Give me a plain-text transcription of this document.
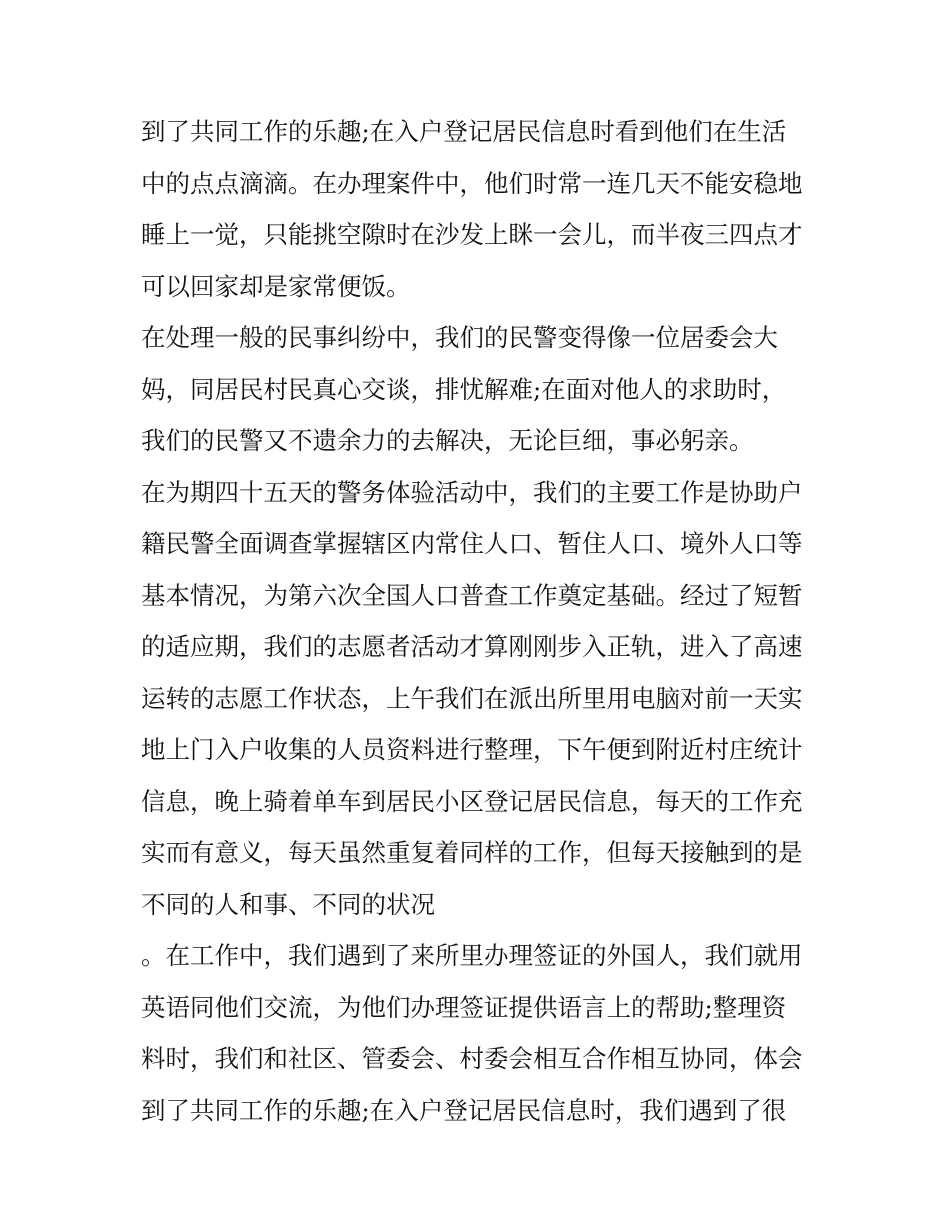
到了共同工作的乐趣;在入户登记居民信息时看到他们在生活
中的点点滴滴。在办理案件中，他们时常一连几天不能安稳地
睡上一觉，只能挑空隙时在沙发上眯一会儿，而半夜三四点才
可以回家却是家常便饭。
在处理一般的民事纠纷中，我们的民警变得像一位居委会大
妈，同居民村民真心交谈，排忧解难;在面对他人的求助时，
我们的民警又不遗余力的去解决，无论巨细，事必躬亲。
在为期四十五天的警务体验活动中，我们的主要工作是协助户
籍民警全面调查掌握辖区内常住人口、暂住人口、境外人口等
基本情况，为第六次全国人口普查工作奠定基础。经过了短暂
的适应期，我们的志愿者活动才算刚刚步入正轨，进入了高速
运转的志愿工作状态，上午我们在派出所里用电脑对前一天实
地上门入户收集的人员资料进行整理，下午便到附近村庄统计
信息，晚上骑着单车到居民小区登记居民信息，每天的工作充
实而有意义，每天虽然重复着同样的工作，但每天接触到的是
不同的人和事、不同的状况
。在工作中，我们遇到了来所里办理签证的外国人，我们就用
英语同他们交流，为他们办理签证提供语言上的帮助;整理资
料时，我们和社区、管委会、村委会相互合作相互协同，体会
到了共同工作的乐趣;在入户登记居民信息时，我们遇到了很
